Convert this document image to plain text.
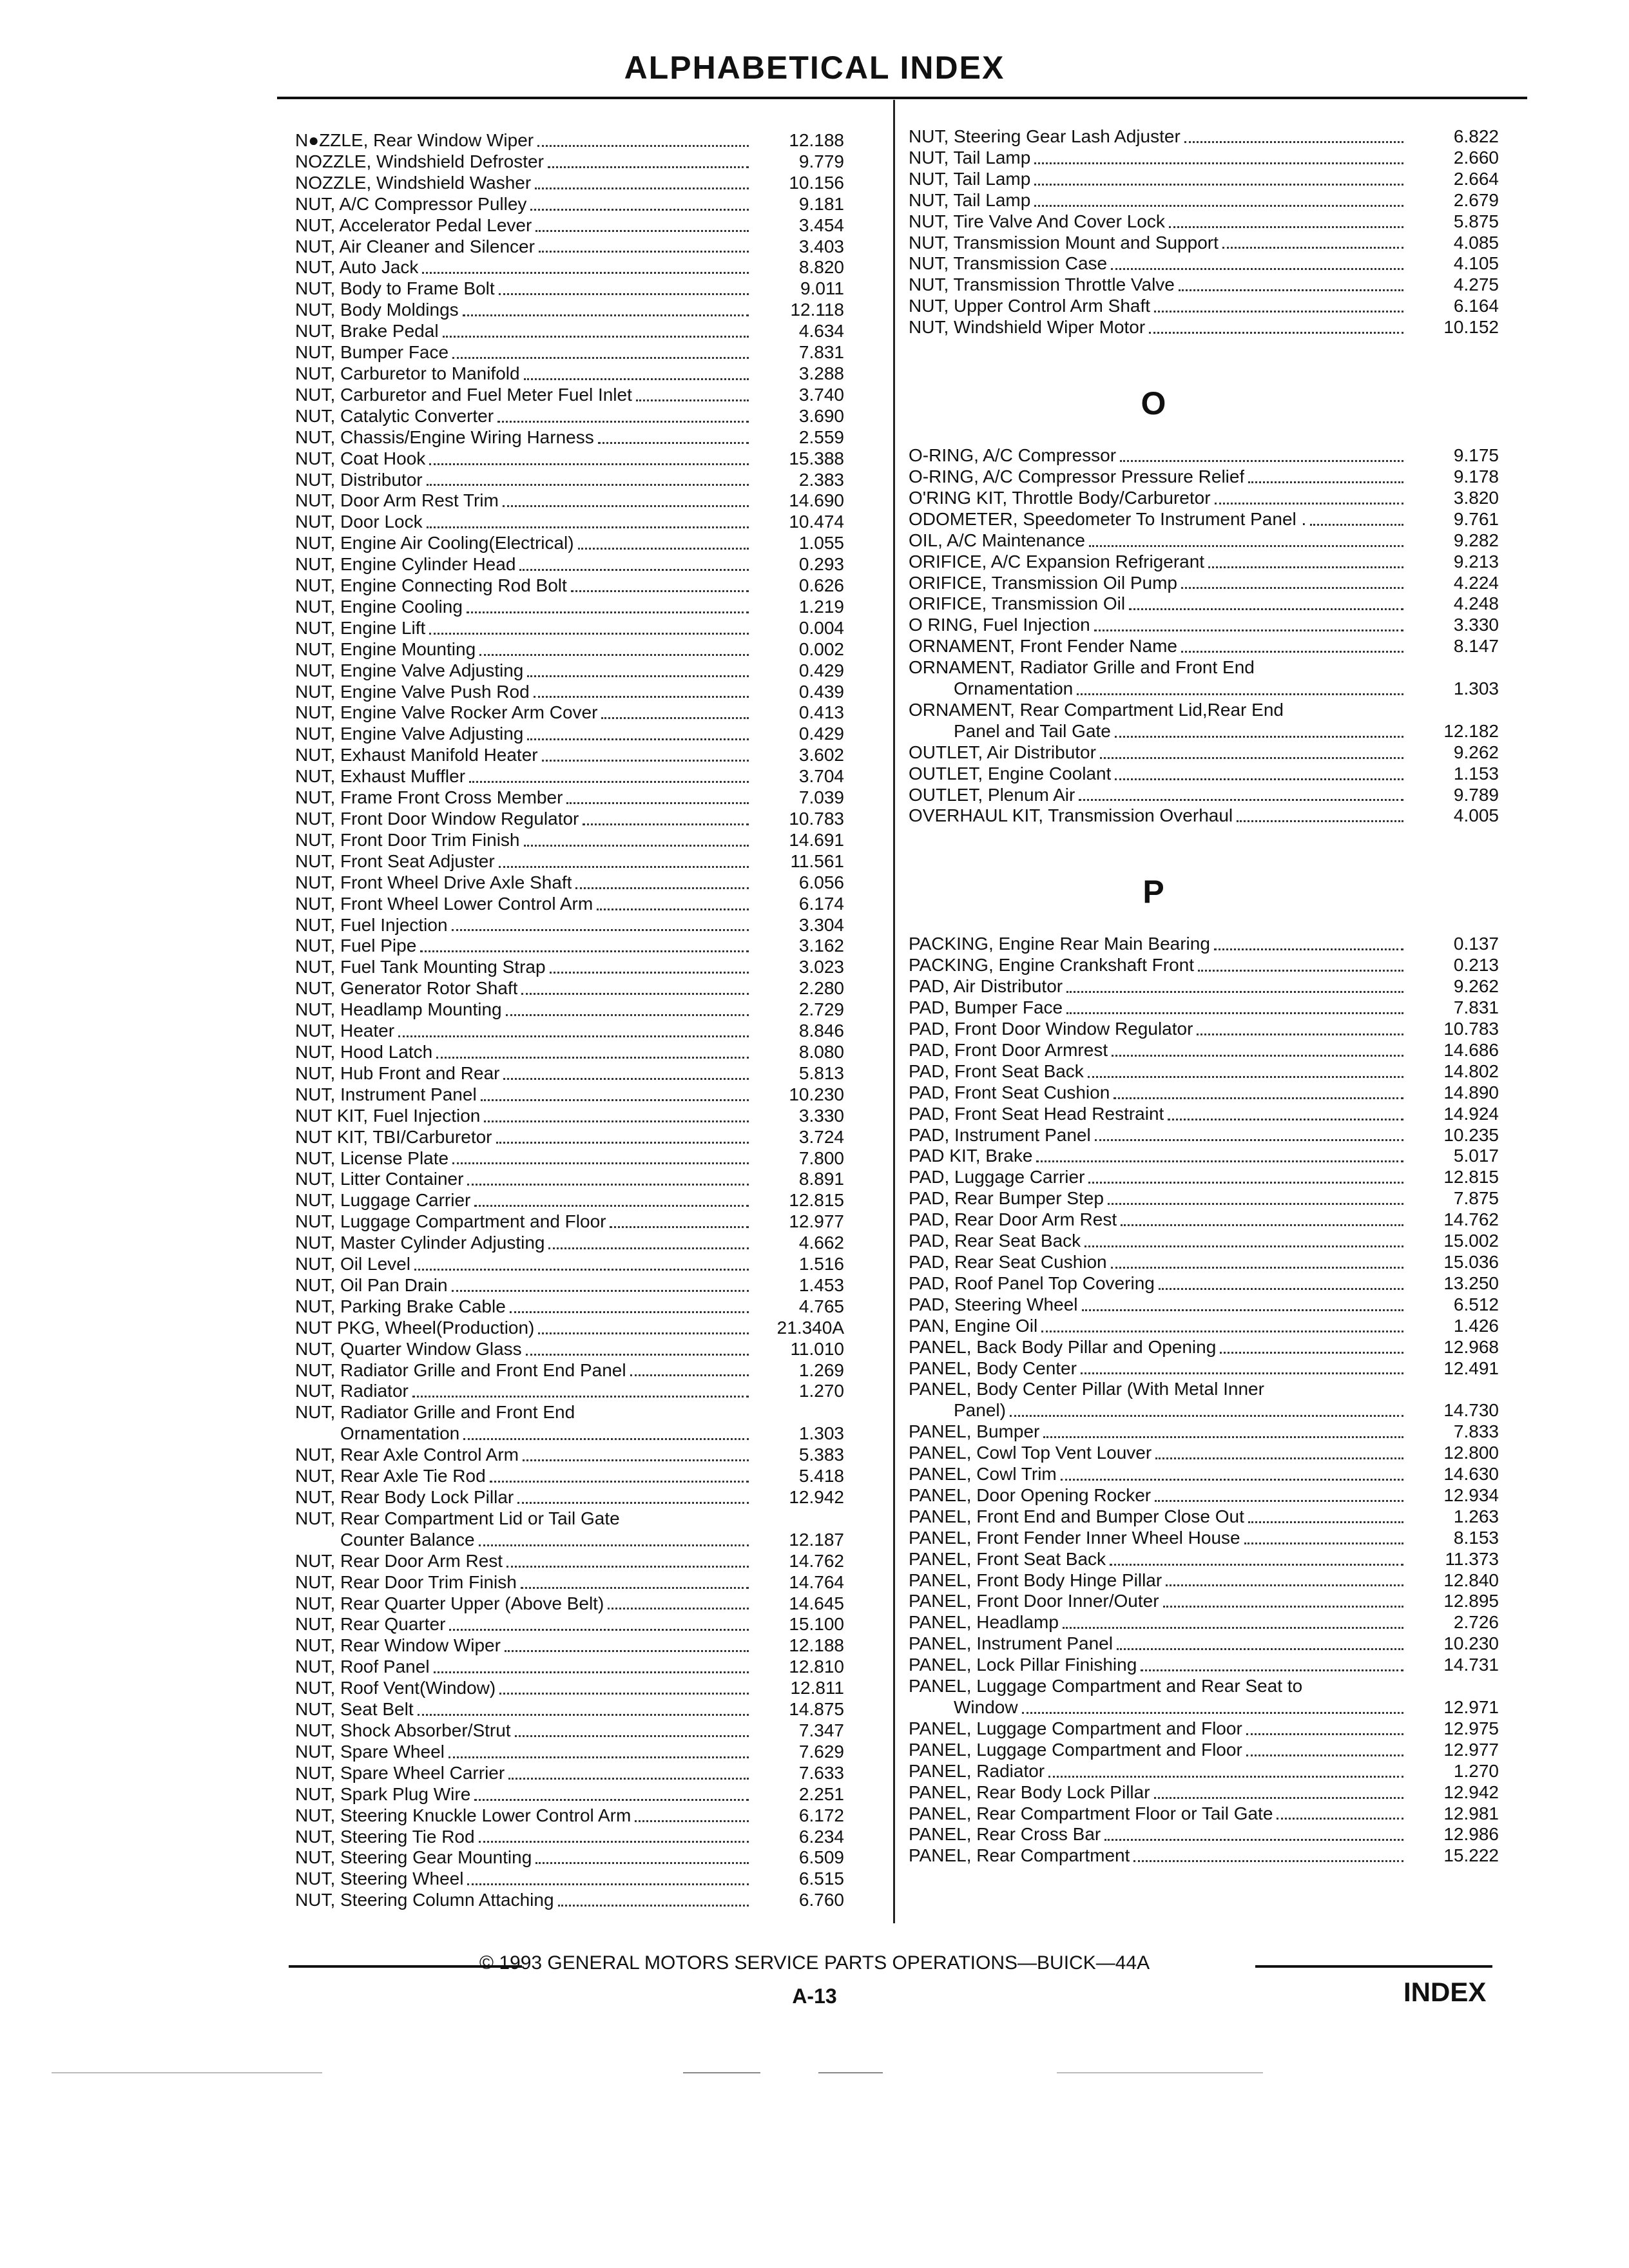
ALPHABETICAL INDEX
N●ZZLE, Rear Window Wiper	12.188
NOZZLE, Windshield Defroster	9.779
NOZZLE, Windshield Washer	10.156
NUT, A/C Compressor Pulley	9.181
NUT, Accelerator Pedal Lever	3.454
NUT, Air Cleaner and Silencer	3.403
NUT, Auto Jack	8.820
NUT, Body to Frame Bolt	9.011
NUT, Body Moldings	12.118
NUT, Brake Pedal	4.634
NUT, Bumper Face	7.831
NUT, Carburetor to Manifold	3.288
NUT, Carburetor and Fuel Meter Fuel Inlet	3.740
NUT, Catalytic Converter	3.690
NUT, Chassis/Engine Wiring Harness	2.559
NUT, Coat Hook	15.388
NUT, Distributor	2.383
NUT, Door Arm Rest Trim	14.690
NUT, Door Lock	10.474
NUT, Engine Air Cooling(Electrical)	1.055
NUT, Engine Cylinder Head	0.293
NUT, Engine Connecting Rod Bolt	0.626
NUT, Engine Cooling	1.219
NUT, Engine Lift	0.004
NUT, Engine Mounting	0.002
NUT, Engine Valve Adjusting	0.429
NUT, Engine Valve Push Rod	0.439
NUT, Engine Valve Rocker Arm Cover	0.413
NUT, Engine Valve Adjusting	0.429
NUT, Exhaust Manifold Heater	3.602
NUT, Exhaust Muffler	3.704
NUT, Frame Front Cross Member	7.039
NUT, Front Door Window Regulator	10.783
NUT, Front Door Trim Finish	14.691
NUT, Front Seat Adjuster	11.561
NUT, Front Wheel Drive Axle Shaft	6.056
NUT, Front Wheel Lower Control Arm	6.174
NUT, Fuel Injection	3.304
NUT, Fuel Pipe	3.162
NUT, Fuel Tank Mounting Strap	3.023
NUT, Generator Rotor Shaft	2.280
NUT, Headlamp Mounting	2.729
NUT, Heater	8.846
NUT, Hood Latch	8.080
NUT, Hub Front and Rear	5.813
NUT, Instrument Panel	10.230
NUT KIT, Fuel Injection	3.330
NUT KIT, TBI/Carburetor	3.724
NUT, License Plate	7.800
NUT, Litter Container	8.891
NUT, Luggage Carrier	12.815
NUT, Luggage Compartment and Floor	12.977
NUT, Master Cylinder Adjusting	4.662
NUT, Oil Level	1.516
NUT, Oil Pan Drain	1.453
NUT, Parking Brake Cable	4.765
NUT PKG, Wheel(Production)	21.340A
NUT, Quarter Window Glass	11.010
NUT, Radiator Grille and Front End Panel	1.269
NUT, Radiator	1.270
NUT, Radiator Grille and Front End
Ornamentation	1.303
NUT, Rear Axle Control Arm	5.383
NUT, Rear Axle Tie Rod	5.418
NUT, Rear Body Lock Pillar	12.942
NUT, Rear Compartment Lid or Tail Gate
Counter Balance	12.187
NUT, Rear Door Arm Rest	14.762
NUT, Rear Door Trim Finish	14.764
NUT, Rear Quarter Upper (Above Belt)	14.645
NUT, Rear Quarter	15.100
NUT, Rear Window Wiper	12.188
NUT, Roof Panel	12.810
NUT, Roof Vent(Window)	12.811
NUT, Seat Belt	14.875
NUT, Shock Absorber/Strut	7.347
NUT, Spare Wheel	7.629
NUT, Spare Wheel Carrier	7.633
NUT, Spark Plug Wire	2.251
NUT, Steering Knuckle Lower Control Arm	6.172
NUT, Steering Tie Rod	6.234
NUT, Steering Gear Mounting	6.509
NUT, Steering Wheel	6.515
NUT, Steering Column Attaching	6.760
NUT, Steering Gear Lash Adjuster	6.822
NUT, Tail Lamp	2.660
NUT, Tail Lamp	2.664
NUT, Tail Lamp	2.679
NUT, Tire Valve And Cover Lock	5.875
NUT, Transmission Mount and Support	4.085
NUT, Transmission Case	4.105
NUT, Transmission Throttle Valve	4.275
NUT, Upper Control Arm Shaft	6.164
NUT, Windshield Wiper Motor	10.152
O
O-RING, A/C Compressor	9.175
O-RING, A/C Compressor Pressure Relief	9.178
O'RING KIT, Throttle Body/Carburetor	3.820
ODOMETER, Speedometer To Instrument Panel .	9.761
OIL, A/C Maintenance	9.282
ORIFICE, A/C Expansion Refrigerant	9.213
ORIFICE, Transmission Oil Pump	4.224
ORIFICE, Transmission Oil	4.248
O RING, Fuel Injection	3.330
ORNAMENT, Front Fender Name	8.147
ORNAMENT, Radiator Grille and Front End
Ornamentation	1.303
ORNAMENT, Rear Compartment Lid,Rear End
Panel and Tail Gate	12.182
OUTLET, Air Distributor	9.262
OUTLET, Engine Coolant	1.153
OUTLET, Plenum Air	9.789
OVERHAUL KIT, Transmission Overhaul	4.005
P
PACKING, Engine Rear Main Bearing	0.137
PACKING, Engine Crankshaft Front	0.213
PAD, Air Distributor	9.262
PAD, Bumper Face	7.831
PAD, Front Door Window Regulator	10.783
PAD, Front Door Armrest	14.686
PAD, Front Seat Back	14.802
PAD, Front Seat Cushion	14.890
PAD, Front Seat Head Restraint	14.924
PAD, Instrument Panel	10.235
PAD KIT, Brake	5.017
PAD, Luggage Carrier	12.815
PAD, Rear Bumper Step	7.875
PAD, Rear Door Arm Rest	14.762
PAD, Rear Seat Back	15.002
PAD, Rear Seat Cushion	15.036
PAD, Roof Panel Top Covering	13.250
PAD, Steering Wheel	6.512
PAN, Engine Oil	1.426
PANEL, Back Body Pillar and Opening	12.968
PANEL, Body Center	12.491
PANEL, Body Center Pillar (With Metal Inner
Panel)	14.730
PANEL, Bumper	7.833
PANEL, Cowl Top Vent Louver	12.800
PANEL, Cowl Trim	14.630
PANEL, Door Opening Rocker	12.934
PANEL, Front End and Bumper Close Out	1.263
PANEL, Front Fender Inner Wheel House	8.153
PANEL, Front Seat Back	11.373
PANEL, Front Body Hinge Pillar	12.840
PANEL, Front Door Inner/Outer	12.895
PANEL, Headlamp	2.726
PANEL, Instrument Panel	10.230
PANEL, Lock Pillar Finishing	14.731
PANEL, Luggage Compartment and Rear Seat to
Window	12.971
PANEL, Luggage Compartment and Floor	12.975
PANEL, Luggage Compartment and Floor	12.977
PANEL, Radiator	1.270
PANEL, Rear Body Lock Pillar	12.942
PANEL, Rear Compartment Floor or Tail Gate	12.981
PANEL, Rear Cross Bar	12.986
PANEL, Rear Compartment	15.222
© 1993 GENERAL MOTORS SERVICE PARTS OPERATIONS—BUICK—44A
A-13	INDEX
